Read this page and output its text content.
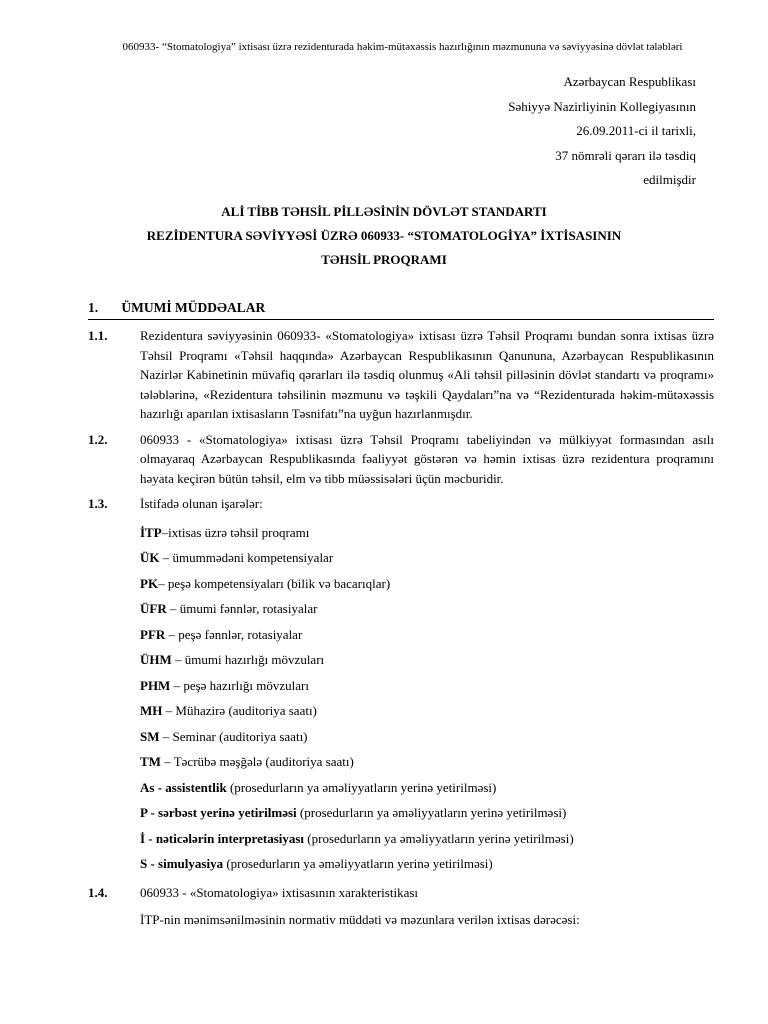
060933- “Stomatologiya” ixtisası üzrə rezidenturada həkim-mütəxəssis hazırlığının məzmununa və səviyyəsinə dövlət tələbləri
Azərbaycan Respublikası
Səhiyyə Nazirliyinin Kollegiyasının
26.09.2011-ci il tarixli,
37 nömrəli qərarı ilə təsdiq
edilmişdir
ALİ TİBB TƏHSİL PİLLƏSİNİN DÖVLƏT STANDARTI
REZİDENTURA SƏVİYYƏSİ ÜZRƏ 060933- “STOMATOLOGİYA” İXTİSASININ
TƏHSİL PROQRAMI
1. ÜMUMİ MÜDDƏALAR
1.1.	Rezidentura səviyyəsinin 060933- «Stomatologiya» ixtisası üzrə Təhsil Proqramı bundan sonra ixtisas üzrə Təhsil Proqramı «Təhsil haqqında» Azərbaycan Respublikasının Qanununa, Azərbaycan Respublikasının Nazirlər Kabinetinin müvafiq qərarları ilə təsdiq olunmuş «Ali təhsil pilləsinin dövlət standartı və proqramı» tələblərinə, «Rezidentura təhsilinin məzmunu və təşkili Qaydaları”na və “Rezidenturada həkim-mütəxəssis hazırlığı aparılan ixtisasların Təsnifatı”na uyğun hazırlanmışdır.
1.2.	060933 - «Stomatologiya» ixtisası üzrə Təhsil Proqramı tabeliyindən və mülkiyyət formasından asılı olmayaraq Azərbaycan Respublikasında fəaliyyət göstərən və həmin ixtisas üzrə rezidentura proqramını həyata keçirən bütün təhsil, elm və tibb müəssisələri üçün məcburidir.
1.3.	İstifadə olunan işarələr:
İTP–ixtisas üzrə təhsil proqramı
ÜK – ümummədəni kompetensiyalar
PK– peşə kompetensiyaları (bilik və bacarıqlar)
ÜFR – ümumi fənnlər, rotasiyalar
PFR – peşə fənnlər, rotasiyalar
ÜHM – ümumi hazırlığı mövzuları
PHM – peşə hazırlığı mövzuları
MH – Mühazirə (auditoriya saatı)
SM – Seminar (auditoriya saatı)
TM – Təcrübə məşğələ (auditoriya saatı)
As - assistentlik (prosedurların ya əməliyyatların yerinə yetirilməsi)
P - sərbəst yerinə yetirilməsi (prosedurların ya əməliyyatların yerinə yetirilməsi)
İ - nəticələrin interpretasiyası (prosedurların ya əməliyyatların yerinə yetirilməsi)
S - simulyasiya (prosedurların ya əməliyyatların yerinə yetirilməsi)
1.4.	060933 - «Stomatologiya» ixtisasının xarakteristikası
İTP-nin mənimsənilməsinin normativ müddəti və məzunlara verilən ixtisas dərəcəsi:
